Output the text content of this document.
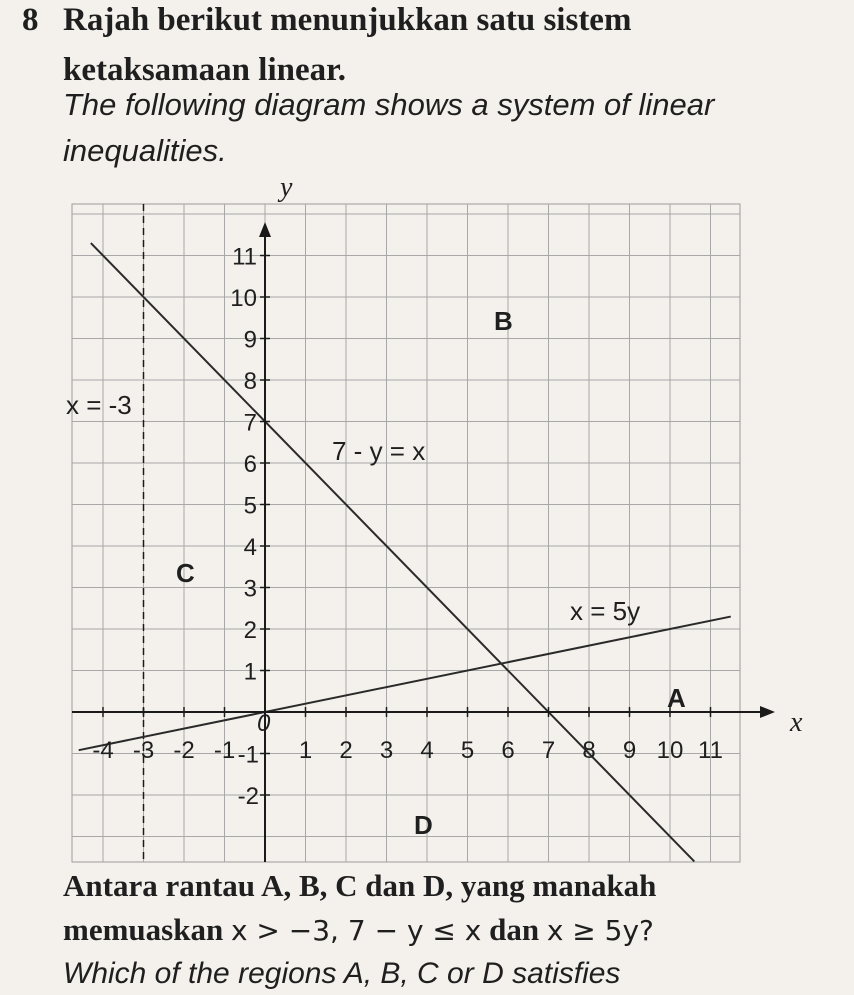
8 Rajah berikut menunjukkan satu sistem
ketaksamaan linear.
The following diagram shows a system of linear
inequalities.
-4 -3 -2 -1	1 2 3 4 5 6 7 8 9 10 11
1
2
3
4
5
6
7
8
9
10
11
-1
-2
y
x
0
x = -3
7 - y = x
x = 5y
B
C
A
D
Antara rantau A, B, C dan D, yang manakah
memuaskan x > −3, 7 − y ≤ x dan x ≥ 5y?
Which of the regions A, B, C or D satisfies
